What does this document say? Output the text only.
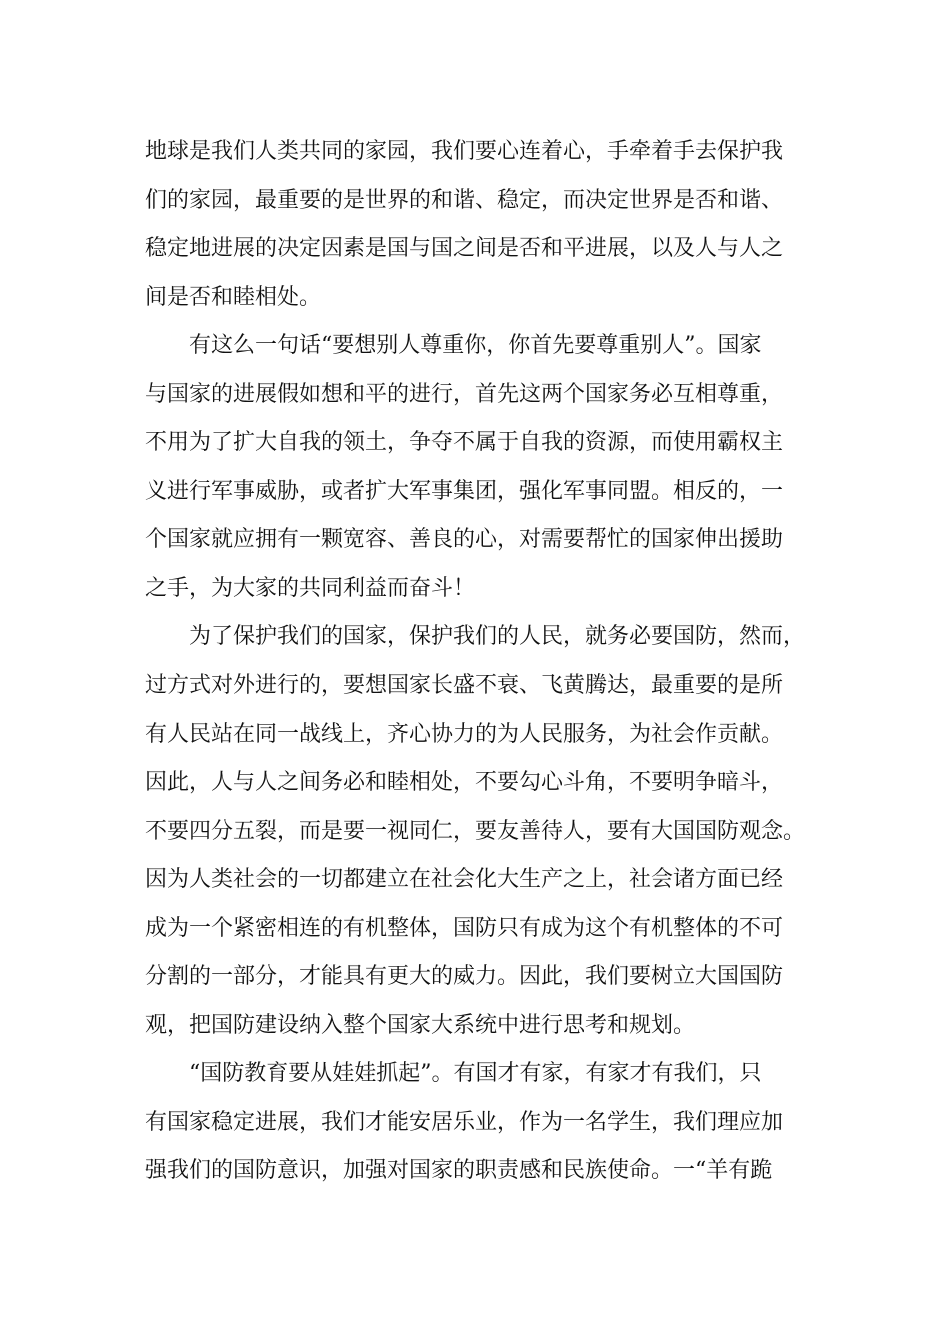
地球是我们人类共同的家园，我们要心连着心，手牵着手去保护我
们的家园，最重要的是世界的和谐、稳定，而决定世界是否和谐、
稳定地进展的决定因素是国与国之间是否和平进展，以及人与人之
间是否和睦相处。
　　有这么一句话“要想别人尊重你，你首先要尊重别人”。国家
与国家的进展假如想和平的进行，首先这两个国家务必互相尊重，
不用为了扩大自我的领土，争夺不属于自我的资源，而使用霸权主
义进行军事威胁，或者扩大军事集团，强化军事同盟。相反的，一
个国家就应拥有一颗宽容、善良的心，对需要帮忙的国家伸出援助
之手，为大家的共同利益而奋斗！
　　为了保护我们的国家，保护我们的人民，就务必要国防，然而，
过方式对外进行的，要想国家长盛不衰、飞黄腾达，最重要的是所
有人民站在同一战线上，齐心协力的为人民服务，为社会作贡献。
因此，人与人之间务必和睦相处，不要勾心斗角，不要明争暗斗，
不要四分五裂，而是要一视同仁，要友善待人，要有大国国防观念。
因为人类社会的一切都建立在社会化大生产之上，社会诸方面已经
成为一个紧密相连的有机整体，国防只有成为这个有机整体的不可
分割的一部分，才能具有更大的威力。因此，我们要树立大国国防
观，把国防建设纳入整个国家大系统中进行思考和规划。
　　“国防教育要从娃娃抓起”。有国才有家，有家才有我们，只
有国家稳定进展，我们才能安居乐业，作为一名学生，我们理应加
强我们的国防意识，加强对国家的职责感和民族使命。一“羊有跪
